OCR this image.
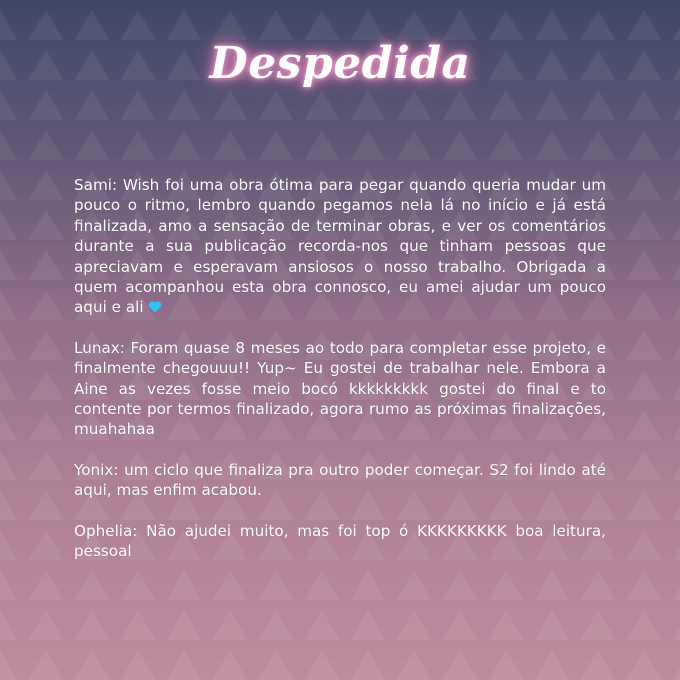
Despedida

Sami: Wish foi uma obra ótima para pegar quando queria mudar um pouco o ritmo, lembro quando pegamos nela lá no início e já está finalizada, amo a sensação de terminar obras, e ver os comentários durante a sua publicação recorda-nos que tinham pessoas que apreciavam e esperavam ansiosos o nosso trabalho. Obrigada a quem acompanhou esta obra connosco, eu amei ajudar um pouco aqui e ali

Lunax: Foram quase 8 meses ao todo para completar esse projeto, e finalmente chegouuu!! Yup~ Eu gostei de trabalhar nele. Embora a Aine as vezes fosse meio bocó kkkkkkkkk gostei do final e to contente por termos finalizado, agora rumo as próximas finalizações, muahahaa

Yonix: um ciclo que finaliza pra outro poder começar. S2 foi lindo até aqui, mas enfim acabou.

Ophelia: Não ajudei muito, mas foi top ó KKKKKKKKK boa leitura, pessoal
